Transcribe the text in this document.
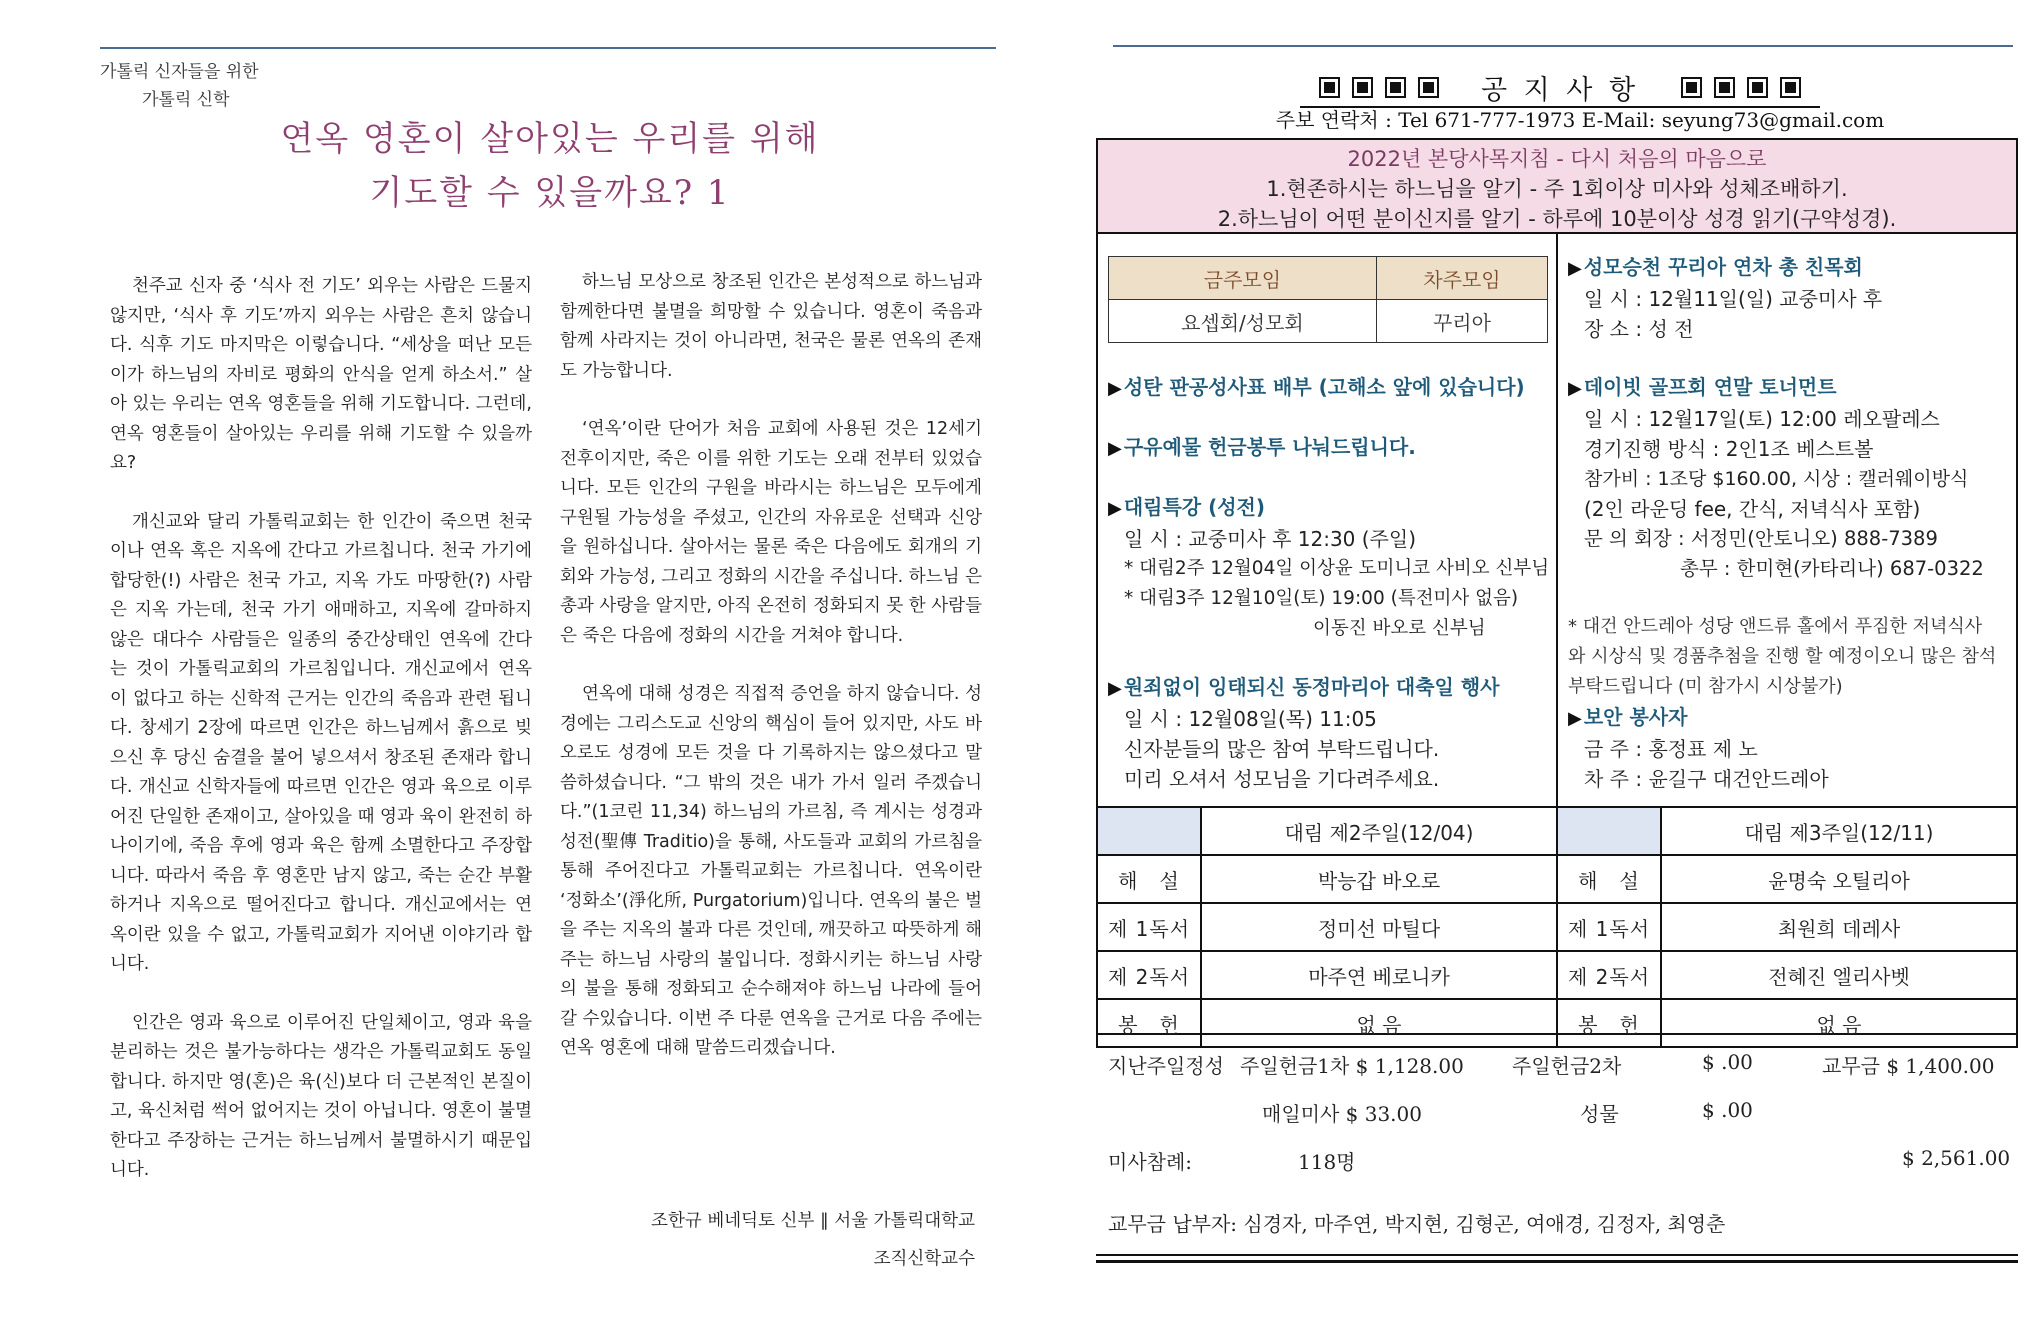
가톨릭 신자들을 위한
가톨릭 신학
연옥 영혼이 살아있는 우리를 위해
기도할 수 있을까요? 1

천주교 신자 중 ‘식사 전 기도’ 외우는 사람은 드물지않지만, ‘식사 후 기도’까지 외우는 사람은 흔치 않습니다. 식후 기도 마지막은 이렇습니다. “세상을 떠난 모든이가 하느님의 자비로 평화의 안식을 얻게 하소서.” 살아 있는 우리는 연옥 영혼들을 위해 기도합니다. 그런데, 연옥 영혼들이 살아있는 우리를 위해 기도할 수 있을까요?

개신교와 달리 가톨릭교회는 한 인간이 죽으면 천국이나 연옥 혹은 지옥에 간다고 가르칩니다. 천국 가기에 합당한(!) 사람은 천국 가고, 지옥 가도 마땅한(?) 사람은 지옥 가는데, 천국 가기 애매하고, 지옥에 갈마하지 않은 대다수 사람들은 일종의 중간상태인 연옥에 간다는 것이 가톨릭교회의 가르침입니다. 개신교에서 연옥이 없다고 하는 신학적 근거는 인간의 죽음과 관련 됩니다. 창세기 2장에 따르면 인간은 하느님께서 흙으로 빚으신 후 당신 숨결을 불어 넣으셔서 창조된 존재라 합니다. 개신교 신학자들에 따르면 인간은 영과 육으로 이루어진 단일한 존재이고, 살아있을 때 영과 육이 완전히 하나이기에, 죽음 후에 영과 육은 함께 소멸한다고 주장합니다. 따라서 죽음 후 영혼만 남지 않고, 죽는 순간 부활하거나 지옥으로 떨어진다고 합니다. 개신교에서는 연옥이란 있을 수 없고, 가톨릭교회가 지어낸 이야기라 합니다.

인간은 영과 육으로 이루어진 단일체이고, 영과 육을 분리하는 것은 불가능하다는 생각은 가톨릭교회도 동일합니다. 하지만 영(혼)은 육(신)보다 더 근본적인 본질이고, 육신처럼 썩어 없어지는 것이 아닙니다. 영혼이 불멸한다고 주장하는 근거는 하느님께서 불멸하시기 때문입니다.

하느님 모상으로 창조된 인간은 본성적으로 하느님과 함께한다면 불멸을 희망할 수 있습니다. 영혼이 죽음과 함께 사라지는 것이 아니라면, 천국은 물론 연옥의 존재도 가능합니다.

‘연옥’이란 단어가 처음 교회에 사용된 것은 12세기 전후이지만, 죽은 이를 위한 기도는 오래 전부터 있었습니다. 모든 인간의 구원을 바라시는 하느님은 모두에게 구원될 가능성을 주셨고, 인간의 자유로운 선택과 신앙을 원하십니다. 살아서는 물론 죽은 다음에도 회개의 기회와 가능성, 그리고 정화의 시간을 주십니다. 하느님 은총과 사랑을 알지만, 아직 온전히 정화되지 못 한 사람들은 죽은 다음에 정화의 시간을 거쳐야 합니다.

연옥에 대해 성경은 직접적 증언을 하지 않습니다. 성경에는 그리스도교 신앙의 핵심이 들어 있지만, 사도 바오로도 성경에 모든 것을 다 기록하지는 않으셨다고 말씀하셨습니다. “그 밖의 것은 내가 가서 일러 주겠습니다.”(1코린 11,34) 하느님의 가르침, 즉 계시는 성경과 성전(聖傳 Traditio)을 통해, 사도들과 교회의 가르침을 통해 주어진다고 가톨릭교회는 가르칩니다. 연옥이란 ‘정화소’(淨化所, Purgatorium)입니다. 연옥의 불은 벌을 주는 지옥의 불과 다른 것인데, 깨끗하고 따뜻하게 해주는 하느님 사랑의 불입니다. 정화시키는 하느님 사랑의 불을 통해 정화되고 순수해져야 하느님 나라에 들어갈 수있습니다. 이번 주 다룬 연옥을 근거로 다음 주에는 연옥 영혼에 대해 말씀드리겠습니다.

조한규 베네딕토 신부 ∥ 서울 가톨릭대학교
조직신학교수
공 지 사 항
주보 연락처 : Tel 671-777-1973 E-Mail: seyung73@gmail.com
2022년 본당사목지침 - 다시 처음의 마음으로
1.현존하시는 하느님을 알기 - 주 1회이상 미사와 성체조배하기.
2.하느님이 어떤 분이신지를 알기 - 하루에 10분이상 성경 읽기(구약성경).
금주모임	차주모임
요셉회/성모회	꾸리아
▶ 성탄 판공성사표 배부 (고해소 앞에 있습니다)
▶ 구유예물 헌금봉투 나눠드립니다.
▶ 대림특강 (성전)
일 시 : 교중미사 후 12:30 (주일)
* 대림2주 12월04일 이상윤 도미니코 사비오 신부님
* 대림3주 12월10일(토) 19:00 (특전미사 없음)
이동진 바오로 신부님
▶ 원죄없이 잉태되신 동정마리아 대축일 행사
일 시 : 12월08일(목) 11:05
신자분들의 많은 참여 부탁드립니다.
미리 오셔서 성모님을 기다려주세요.
▶ 성모승천 꾸리아 연차 총 친목회
일 시 : 12월11일(일) 교중미사 후
장 소 : 성 전
▶ 데이빗 골프회 연말 토너먼트
일 시 : 12월17일(토) 12:00 레오팔레스
경기진행 방식 : 2인1조 베스트볼
참가비 : 1조당 $160.00, 시상 : 캘러웨이방식
(2인 라운딩 fee, 간식, 저녁식사 포함)
문 의 회장 : 서정민(안토니오) 888-7389
총무 : 한미현(카타리나) 687-0322
* 대건 안드레아 성당 앤드류 홀에서 푸짐한 저녁식사와 시상식 및 경품추첨을 진행 할 예정이오니 많은 참석 부탁드립니다 (미 참가시 시상불가)
▶ 보안 봉사자
금 주 : 홍정표 제 노
차 주 : 윤길구 대건안드레아
	대림 제2주일(12/04)		대림 제3주일(12/11)
해　설	박능갑 바오로	해　설	윤명숙 오틸리아
제 1독서	정미선 마틸다	제 1독서	최원희 데레사
제 2독서	마주연 베로니카	제 2독서	전혜진 엘리사벳
봉　헌	없 음	봉　헌	없 음
지난주일정성 주일헌금1차 $ 1,128.00 주일헌금2차	$ .00	교무금 $ 1,400.00
매일미사 $ 33.00	성물	$ .00
미사참례:	118명	$ 2,561.00
교무금 납부자: 심경자, 마주연, 박지현, 김형곤, 여애경, 김정자, 최영춘
